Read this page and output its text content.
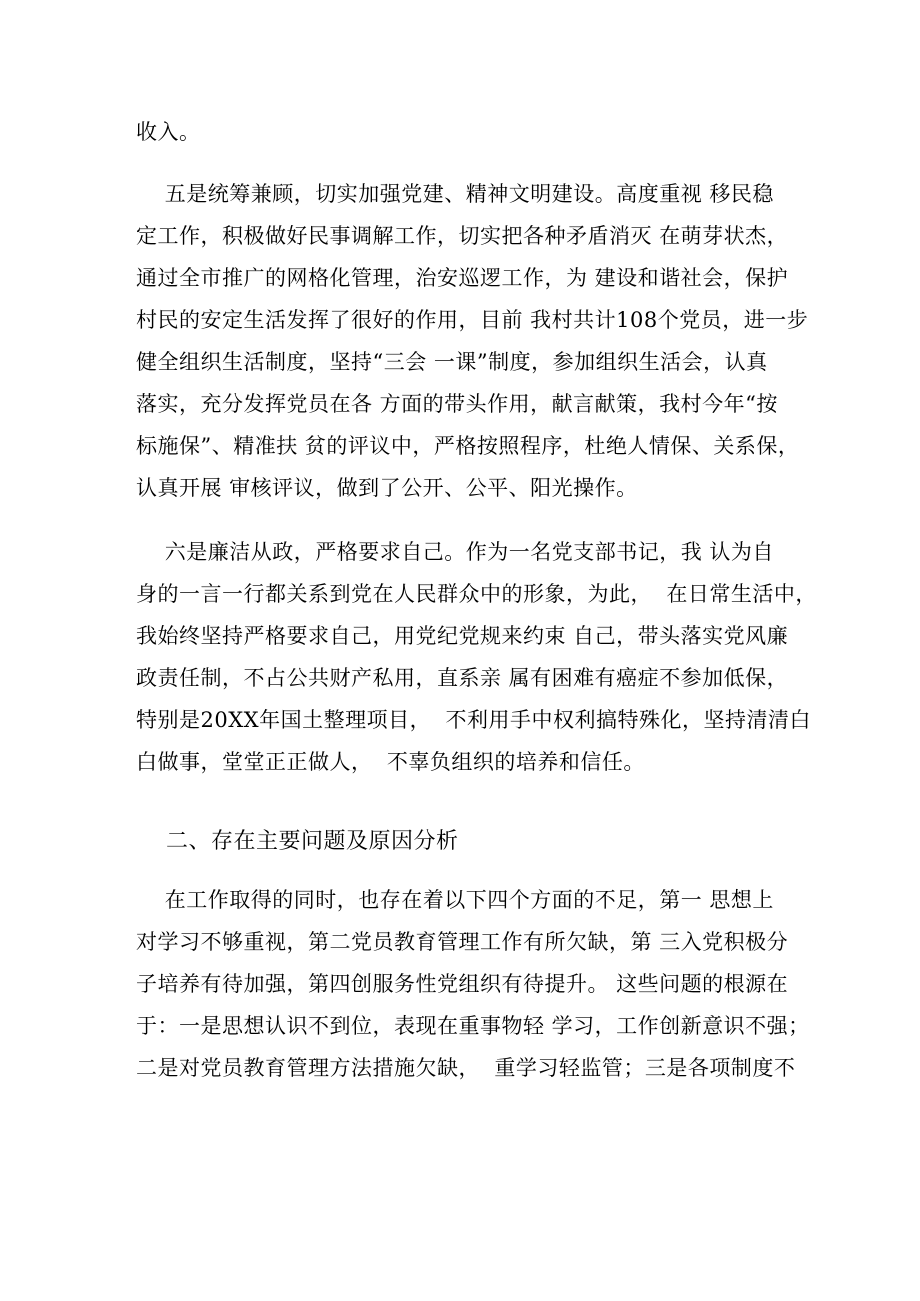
收入。
五是统筹兼顾，切实加强党建、精神文明建设。高度重视 移民稳
定工作，积极做好民事调解工作，切实把各种矛盾消灭 在萌芽状杰，
通过全市推广的网格化管理，治安巡逻工作，为 建设和谐社会，保护
村民的安定生活发挥了很好的作用，目前 我村共计108个党员，进一步
健全组织生活制度，坚持“三会 一课”制度，参加组织生活会，认真
落实，充分发挥党员在各 方面的带头作用，献言献策，我村今年“按
标施保”、精准扶 贫的评议中，严格按照程序，杜绝人情保、关系保，
认真开展 审核评议，做到了公开、公平、阳光操作。
六是廉洁从政，严格要求自己。作为一名党支部书记，我 认为自
身的一言一行都关系到党在人民群众中的形象，为此，  在日常生活中，
我始终坚持严格要求自己，用党纪党规来约束 自己，带头落实党风廉
政责任制，不占公共财产私用，直系亲 属有困难有癌症不参加低保，
特别是20XX年国土整理项目，  不利用手中权利搞特殊化，坚持清清白
白做事，堂堂正正做人，  不辜负组织的培养和信任。
二、存在主要问题及原因分析
在工作取得的同时，也存在着以下四个方面的不足，第一 思想上
对学习不够重视，第二党员教育管理工作有所欠缺，第 三入党积极分
子培养有待加强，第四创服务性党组织有待提升。 这些问题的根源在
于：一是思想认识不到位，表现在重事物轻 学习，工作创新意识不强；
二是对党员教育管理方法措施欠缺，  重学习轻监管；三是各项制度不
